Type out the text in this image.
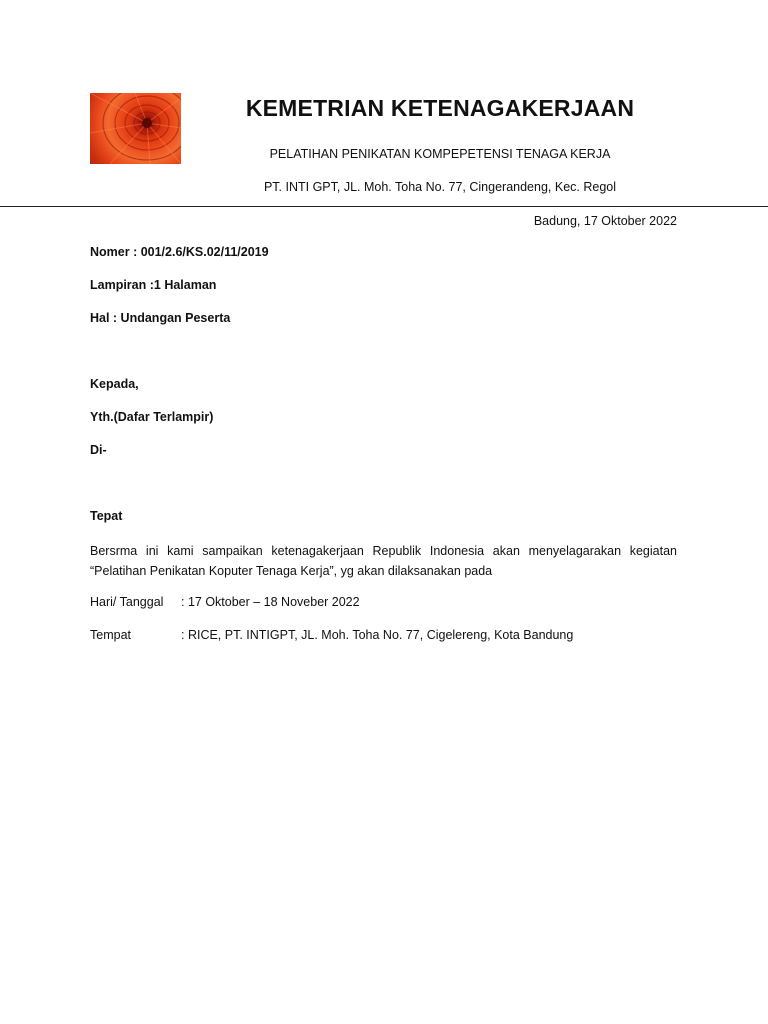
KEMETRIAN KETENAGAKERJAAN

PELATIHAN PENIKATAN KOMPEPETENSI TENAGA KERJA

PT. INTI GPT, JL. Moh. Toha No. 77, Cingerandeng, Kec. Regol

Badung, 17 Oktober 2022

Nomer : 001/2.6/KS.02/11/2019

Lampiran :1 Halaman

Hal : Undangan Peserta

Kepada,

Yth.(Dafar Terlampir)

Di-

Tepat

Bersrma ini kami sampaikan ketenagakerjaan Republik Indonesia akan menyelagarakan kegiatan “Pelatihan Penikatan Koputer Tenaga Kerja”, yg akan dilaksanakan pada

Hari/ Tanggal : 17 Oktober – 18 Noveber 2022
Tempat	: RICE, PT. INTIGPT, JL. Moh. Toha No. 77, Cigelereng, Kota Bandung
